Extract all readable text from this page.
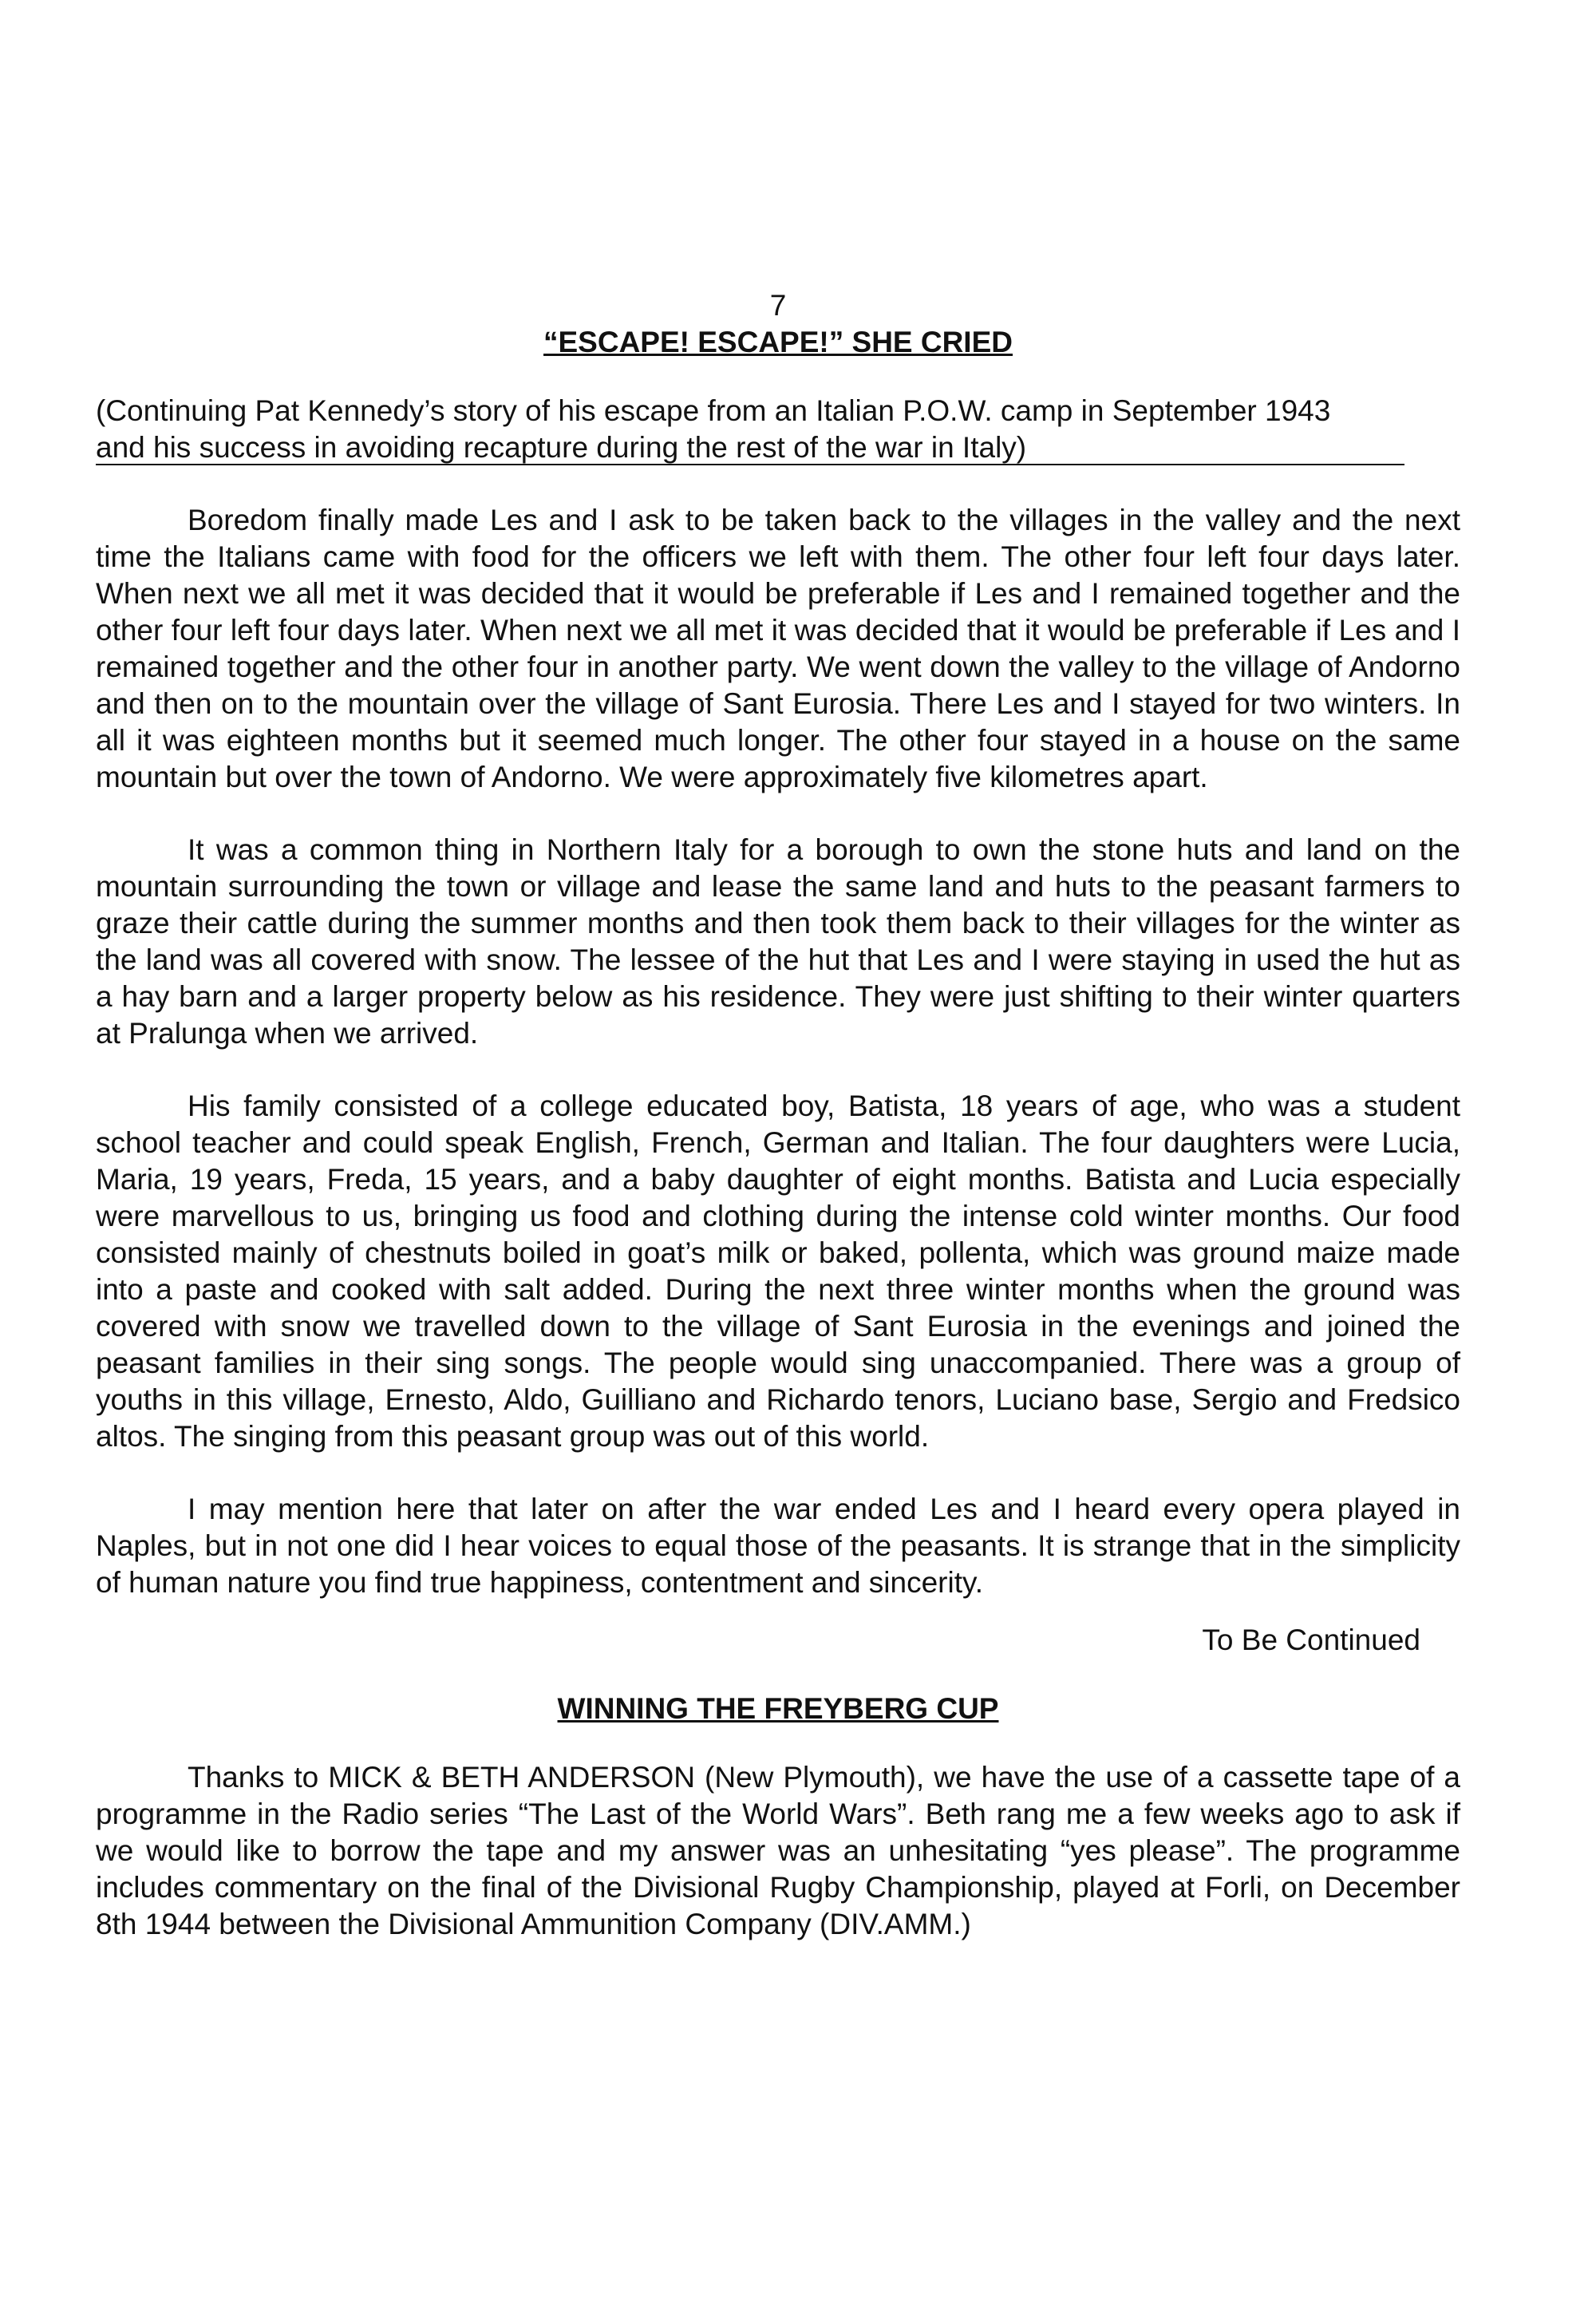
7

“ESCAPE! ESCAPE!” SHE CRIED

(Continuing Pat Kennedy’s story of his escape from an Italian P.O.W. camp in September 1943
and his success in avoiding recapture during the rest of the war in Italy)

Boredom finally made Les and I ask to be taken back to the villages in the valley and the next time the Italians came with food for the officers we left with them. The other four left four days later. When next we all met it was decided that it would be preferable if Les and I remained together and the other four left four days later. When next we all met it was decided that it would be preferable if Les and I remained together and the other four in another party. We went down the valley to the village of Andorno and then on to the mountain over the village of Sant Eurosia. There Les and I stayed for two winters. In all it was eighteen months but it seemed much longer. The other four stayed in a house on the same mountain but over the town of Andorno. We were approximately five kilometres apart.

It was a common thing in Northern Italy for a borough to own the stone huts and land on the mountain surrounding the town or village and lease the same land and huts to the peasant farmers to graze their cattle during the summer months and then took them back to their villages for the winter as the land was all covered with snow. The lessee of the hut that Les and I were staying in used the hut as a hay barn and a larger property below as his residence. They were just shifting to their winter quarters at Pralunga when we arrived.

His family consisted of a college educated boy, Batista, 18 years of age, who was a student school teacher and could speak English, French, German and Italian. The four daughters were Lucia, Maria, 19 years, Freda, 15 years, and a baby daughter of eight months. Batista and Lucia especially were marvellous to us, bringing us food and clothing during the intense cold winter months. Our food consisted mainly of chestnuts boiled in goat’s milk or baked, pollenta, which was ground maize made into a paste and cooked with salt added. During the next three winter months when the ground was covered with snow we travelled down to the village of Sant Eurosia in the evenings and joined the peasant families in their sing songs. The people would sing unaccompanied. There was a group of youths in this village, Ernesto, Aldo, Guilliano and Richardo tenors, Luciano base, Sergio and Fredsico altos. The singing from this peasant group was out of this world.

I may mention here that later on after the war ended Les and I heard every opera played in Naples, but in not one did I hear voices to equal those of the peasants. It is strange that in the simplicity of human nature you find true happiness, contentment and sincerity.

To Be Continued

WINNING THE FREYBERG CUP

Thanks to MICK & BETH ANDERSON (New Plymouth), we have the use of a cassette tape of a programme in the Radio series “The Last of the World Wars”. Beth rang me a few weeks ago to ask if we would like to borrow the tape and my answer was an unhesitating “yes please”. The programme includes commentary on the final of the Divisional Rugby Championship, played at Forli, on December 8th 1944 between the Divisional Ammunition Company (DIV.AMM.)
